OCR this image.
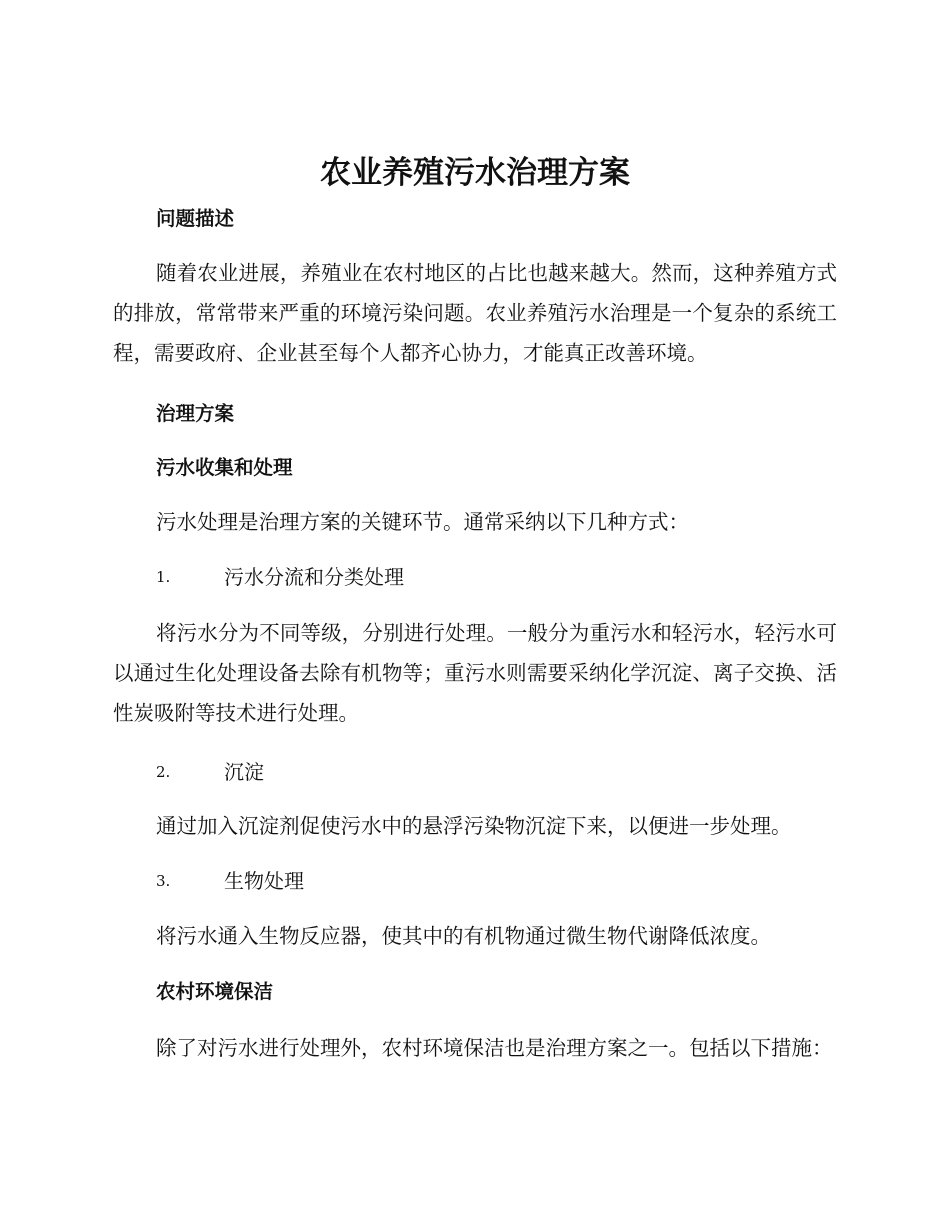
农业养殖污水治理方案
问题描述

随着农业进展，养殖业在农村地区的占比也越来越大。然而，这种养殖方式的排放，常常带来严重的环境污染问题。农业养殖污水治理是一个复杂的系统工程，需要政府、企业甚至每个人都齐心协力，才能真正改善环境。

治理方案
污水收集和处理

污水处理是治理方案的关键环节。通常采纳以下几种方式：

1.	污水分流和分类处理

将污水分为不同等级，分别进行处理。一般分为重污水和轻污水，轻污水可以通过生化处理设备去除有机物等；重污水则需要采纳化学沉淀、离子交换、活性炭吸附等技术进行处理。

2.	沉淀

通过加入沉淀剂促使污水中的悬浮污染物沉淀下来，以便进一步处理。

3.	生物处理

将污水通入生物反应器，使其中的有机物通过微生物代谢降低浓度。

农村环境保洁

除了对污水进行处理外，农村环境保洁也是治理方案之一。包括以下措施：
